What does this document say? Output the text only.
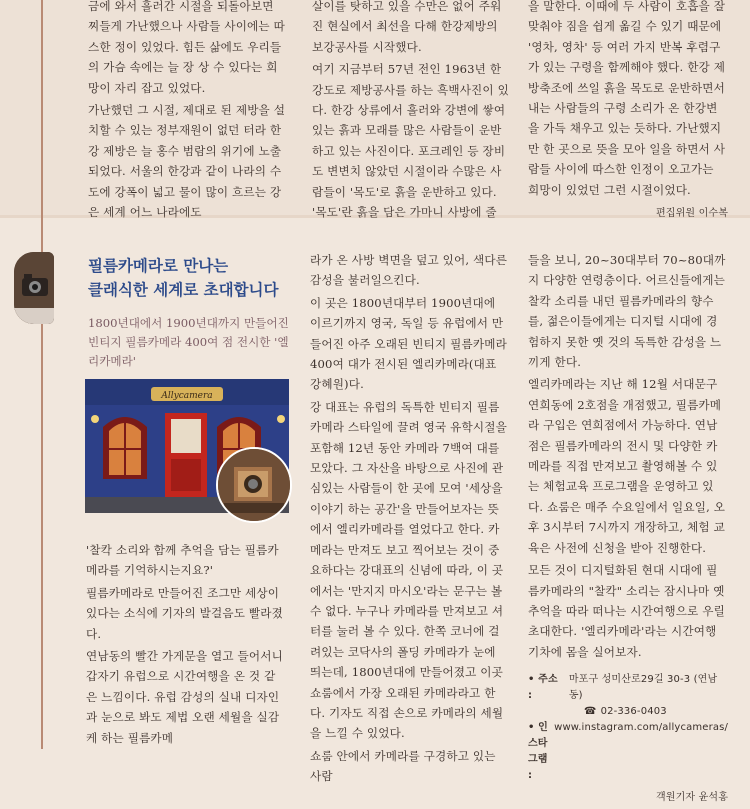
금에 와서 흘러간 시절을 되돌아보면 찌들게 가난했으나 사람들 사이에는 따스한 정이 있었다. 힘든 삶에도 우리들의 가슴 속에는 늘 장 상 수 있다는 희망이 자리 잡고 있었다.

가난했던 그 시절, 제대로 된 제방을 설치할 수 있는 정부재원이 없던 터라 한강 제방은 늘 홍수 범람의 위기에 노출되었다. 서울의 한강과 같이 나라의 수도에 강폭이 넓고 물이 많이 흐르는 강은 세계 어느 나라에도

살이를 탓하고 있을 수만은 없어 주워진 현실에서 최선을 다해 한강제방의 보강공사를 시작했다.

여기 지금부터 57년 전인 1963년 한강도로 제방공사를 하는 흑백사진이 있다. 한강 상류에서 흘러와 강변에 쌓여 있는 흙과 모래를 많은 사람들이 운반하고 있는 사진이다. 포크레인 등 장비도 변변치 않았던 시절이라 수많은 사람들이 '목도'로 흙을 운반하고 있다. '목도'란 흙을 담은 가마니 사방에 줄

을 말한다. 이때에 두 사람이 호흡을 잘 맞춰야 짐을 쉽게 옮길 수 있기 때문에 '영차, 영차' 등 여러 가지 반복 후렴구가 있는 구령을 함께해야 했다. 한강 제방축조에 쓰일 흙을 목도로 운반하면서 내는 사람들의 구령 소리가 온 한강변을 가득 채우고 있는 듯하다. 가난했지만 한 곳으로 뜻을 모아 일을 하면서 사람들 사이에 따스한 인정이 오고가는 희망이 있었던 그런 시절이었다.

편집위원 이수복
필름카메라로 만나는
클래식한 세계로 초대합니다
1800년대에서 1900년대까지 만들어진 빈티지 필름카메라 400여 점 전시한 '엘리카메라'
Allycamera

'찰칵 소리와 함께 추억을 담는 필름카메라를 기억하시는지요?'

필름카메라로 만들어진 조그만 세상이 있다는 소식에 기자의 발걸음도 빨라졌다.

연남동의 빨간 가게문을 열고 들어서니 갑자기 유럽으로 시간여행을 온 것 같은 느낌이다. 유럽 감성의 실내 디자인과 눈으로 봐도 제법 오랜 세월을 실감케 하는 필름카메

라가 온 사방 벽면을 덮고 있어, 색다른 감성을 불러일으킨다.

이 곳은 1800년대부터 1900년대에 이르기까지 영국, 독일 등 유럽에서 만들어진 아주 오래된 빈티지 필름카메라 400여 대가 전시된 엘리카메라(대표 강혜원)다.

강 대표는 유럽의 독특한 빈티지 필름카메라 스타일에 끌려 영국 유학시절을 포함해 12년 동안 카메라 7백여 대를 모았다. 그 자산을 바탕으로 사진에 관심있는 사람들이 한 곳에 모여 '세상을 이야기 하는 공간'을 만들어보자는 뜻에서 엘리카메라를 열었다고 한다. 카메라는 만져도 보고 찍어보는 것이 중요하다는 강대표의 신념에 따라, 이 곳에서는 '만지지 마시오'라는 문구는 볼 수 없다. 누구나 카메라를 만져보고 셔터를 눌러 볼 수 있다. 한쪽 코너에 걸려있는 코닥사의 폴딩 카메라가 눈에 띄는데, 1800년대에 만들어졌고 이곳 쇼룸에서 가장 오래된 카메라라고 한다. 기자도 직접 손으로 카메라의 세월을 느낄 수 있었다.

쇼룸 안에서 카메라를 구경하고 있는 사람

들을 보니, 20~30대부터 70~80대까지 다양한 연령층이다. 어르신들에게는 찰칵 소리를 내던 필름카메라의 향수를, 젊은이들에게는 디지털 시대에 경험하지 못한 옛 것의 독특한 감성을 느끼게 한다.

엘리카메라는 지난 해 12월 서대문구 연희동에 2호점을 개점했고, 필름카메라 구입은 연희점에서 가능하다. 연남점은 필름카메라의 전시 및 다양한 카메라를 직접 만져보고 촬영해볼 수 있는 체험교육 프로그램을 운영하고 있다. 쇼룸은 매주 수요일에서 일요일, 오후 3시부터 7시까지 개장하고, 체험 교육은 사전에 신청을 받아 진행한다.

모든 것이 디지털화된 현대 시대에 필름카메라의 "찰칵" 소리는 잠시나마 옛 추억을 따라 떠나는 시간여행으로 우릴 초대한다. '엘리카메라'라는 시간여행 기차에 몸을 실어보자.

• 주소 :
마포구 성미산로29길 30-3 (연남동)
☎ 02-336-0403
• 인스타그램 :
www.instagram.com/allycameras/
객원기자 윤석홍
